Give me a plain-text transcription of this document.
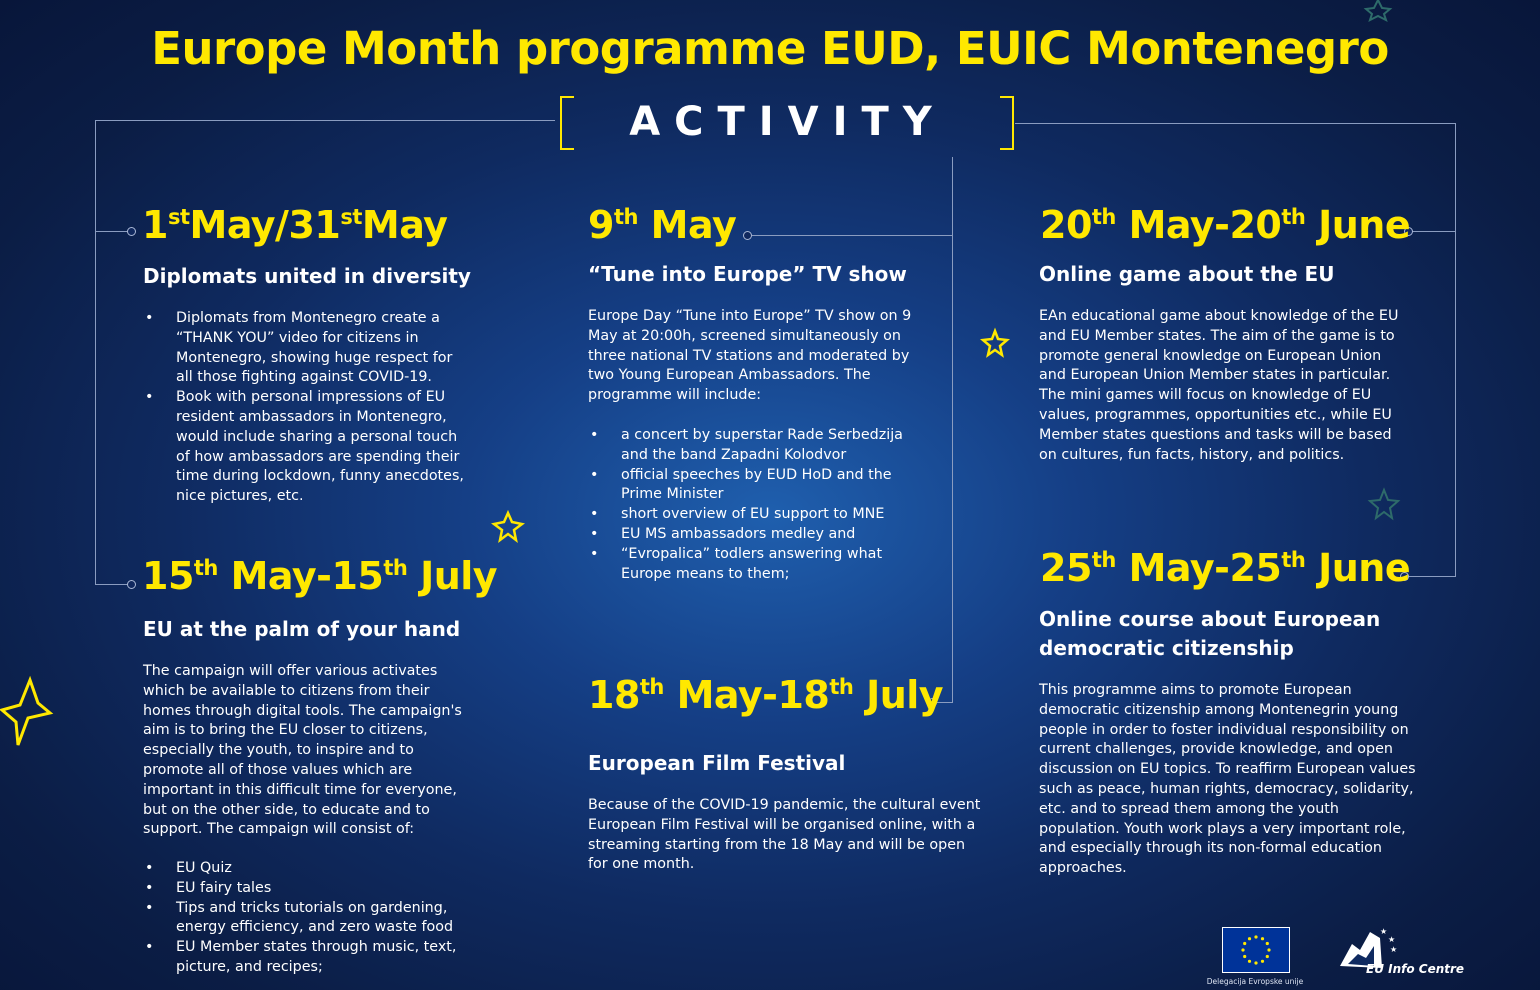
Europe Month programme EUD, EUIC Montenegro
ACTIVITY
1stMay/31stMay
Diplomats united in diversity
• Diplomats from Montenegro create a “THANK YOU” video for citizens in Montenegro, showing huge respect for all those fighting against COVID-19.
• Book with personal impressions of EU resident ambassadors in Montenegro, would include sharing a personal touch of how ambassadors are spending their time during lockdown, funny anecdotes, nice pictures, etc.
15th May-15th July
EU at the palm of your hand
The campaign will offer various activates which be available to citizens from their homes through digital tools. The campaign's aim is to bring the EU closer to citizens, especially the youth, to inspire and to promote all of those values which are important in this difficult time for everyone, but on the other side, to educate and to support. The campaign will consist of:
• EU Quiz
• EU fairy tales
• Tips and tricks tutorials on gardening, energy efficiency, and zero waste food
• EU Member states through music, text, picture, and recipes;
9th May
“Tune into Europe” TV show
Europe Day “Tune into Europe” TV show on 9 May at 20:00h, screened simultaneously on three national TV stations and moderated by two Young European Ambassadors. The programme will include:
• a concert by superstar Rade Serbedzija and the band Zapadni Kolodvor
• official speeches by EUD HoD and the Prime Minister
• short overview of EU support to MNE
• EU MS ambassadors medley and
• “Evropalica” todlers answering what Europe means to them;
18th May-18th July
European Film Festival
Because of the COVID-19 pandemic, the cultural event European Film Festival will be organised online, with a streaming starting from the 18 May and will be open for one month.
20th May-20th June
Online game about the EU
EAn educational game about knowledge of the EU and EU Member states. The aim of the game is to promote general knowledge on European Union and European Union Member states in particular. The mini games will focus on knowledge of EU values, programmes, opportunities etc., while EU Member states questions and tasks will be based on cultures, fun facts, history, and politics.
25th May-25th June
Online course about European democratic citizenship
This programme aims to promote European democratic citizenship among Montenegrin young people in order to foster individual responsibility on current challenges, provide knowledge, and open discussion on EU topics. To reaffirm European values such as peace, human rights, democracy, solidarity, etc. and to spread them among the youth population. Youth work plays a very important role, and especially through its non-formal education approaches.
Delegacija Evropske unije
★
★
★
EU Info Centre
